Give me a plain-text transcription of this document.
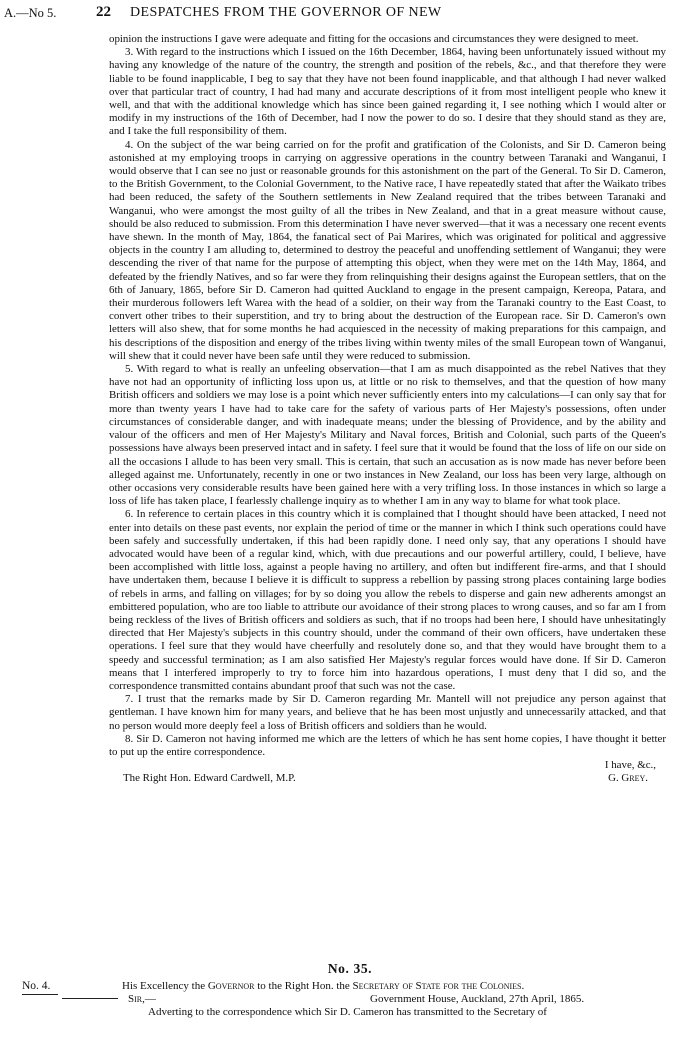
A.—No 5.	22 DESPATCHES FROM THE GOVERNOR OF NEW

opinion the instructions I gave were adequate and fitting for the occasions and circumstances they were designed to meet.

3. With regard to the instructions which I issued on the 16th December, 1864, having been unfortunately issued without my having any knowledge of the nature of the country, the strength and position of the rebels, &c., and that therefore they were liable to be found inapplicable, I beg to say that they have not been found inapplicable, and that although I had never walked over that particular tract of country, I had had many and accurate descriptions of it from most intelligent people who knew it well, and that with the additional knowledge which has since been gained regarding it, I see nothing which I would alter or modify in my instructions of the 16th of December, had I now the power to do so. I desire that they should stand as they are, and I take the full responsibility of them.

4. On the subject of the war being carried on for the profit and gratification of the Colonists, and Sir D. Cameron being astonished at my employing troops in carrying on aggressive operations in the country between Taranaki and Wanganui, I would observe that I can see no just or reasonable grounds for this astonishment on the part of the General. To Sir D. Cameron, to the British Government, to the Colonial Government, to the Native race, I have repeatedly stated that after the Waikato tribes had been reduced, the safety of the Southern settlements in New Zealand required that the tribes between Taranaki and Wanganui, who were amongst the most guilty of all the tribes in New Zealand, and that in a great measure without cause, should be also reduced to submission. From this determination I have never swerved—that it was a necessary one recent events have shewn. In the month of May, 1864, the fanatical sect of Pai Marires, which was originated for political and aggressive objects in the country I am alluding to, determined to destroy the peaceful and unoffending settlement of Wanganui; they were descending the river of that name for the purpose of attempting this object, when they were met on the 14th May, 1864, and defeated by the friendly Natives, and so far were they from relinquishing their designs against the European settlers, that on the 6th of January, 1865, before Sir D. Cameron had quitted Auckland to engage in the present campaign, Kereopa, Patara, and their murderous followers left Warea with the head of a soldier, on their way from the Taranaki country to the East Coast, to convert other tribes to their superstition, and try to bring about the destruction of the European race. Sir D. Cameron's own letters will also shew, that for some months he had acquiesced in the necessity of making preparations for this campaign, and his descriptions of the disposition and energy of the tribes living within twenty miles of the small European town of Wanganui, will shew that it could never have been safe until they were reduced to submission.

5. With regard to what is really an unfeeling observation—that I am as much disappointed as the rebel Natives that they have not had an opportunity of inflicting loss upon us, at little or no risk to themselves, and that the question of how many British officers and soldiers we may lose is a point which never sufficiently enters into my calculations—I can only say that for more than twenty years I have had to take care for the safety of various parts of Her Majesty's possessions, often under circumstances of considerable danger, and with inadequate means; under the blessing of Providence, and by the ability and valour of the officers and men of Her Majesty's Military and Naval forces, British and Colonial, such parts of the Queen's possessions have always been preserved intact and in safety. I feel sure that it would be found that the loss of life on our side on all the occasions I allude to has been very small. This is certain, that such an accusation as is now made has never before been alleged against me. Unfortunately, recently in one or two instances in New Zealand, our loss has been very large, although on other occasions very considerable results have been gained here with a very trifling loss. In those instances in which so large a loss of life has taken place, I fearlessly challenge inquiry as to whether I am in any way to blame for what took place.

6. In reference to certain places in this country which it is complained that I thought should have been attacked, I need not enter into details on these past events, nor explain the period of time or the manner in which I think such operations could have been safely and successfully undertaken, if this had been rapidly done. I need only say, that any operations I should have advocated would have been of a regular kind, which, with due precautions and our powerful artillery, could, I believe, have been accomplished with little loss, against a people having no artillery, and often but indifferent fire-arms, and that I should have undertaken them, because I believe it is difficult to suppress a rebellion by passing strong places containing large bodies of rebels in arms, and falling on villages; for by so doing you allow the rebels to disperse and gain new adherents amongst an embittered population, who are too liable to attribute our avoidance of their strong places to wrong causes, and so far am I from being reckless of the lives of British officers and soldiers as such, that if no troops had been here, I should have unhesitatingly directed that Her Majesty's subjects in this country should, under the command of their own officers, have undertaken these operations. I feel sure that they would have cheerfully and resolutely done so, and that they would have brought them to a speedy and successful termination; as I am also satisfied Her Majesty's regular forces would have done. If Sir D. Cameron means that I interfered improperly to try to force him into hazardous operations, I must deny that I did so, and the correspondence transmitted contains abundant proof that such was not the case.

7. I trust that the remarks made by Sir D. Cameron regarding Mr. Mantell will not prejudice any person against that gentleman. I have known him for many years, and believe that he has been most unjustly and unnecessarily attacked, and that no person would more deeply feel a loss of British officers and soldiers than he would.

8. Sir D. Cameron not having informed me which are the letters of which he has sent home copies, I have thought it better to put up the entire correspondence.

I have, &c.,
The Right Hon. Edward Cardwell, M.P.	G. Grey.
No. 35.
No. 4.	His Excellency the Governor to the Right Hon. the Secretary of State for the Colonies.
Sir,—	Government House, Auckland, 27th April, 1865.
Adverting to the correspondence which Sir D. Cameron has transmitted to the Secretary of
